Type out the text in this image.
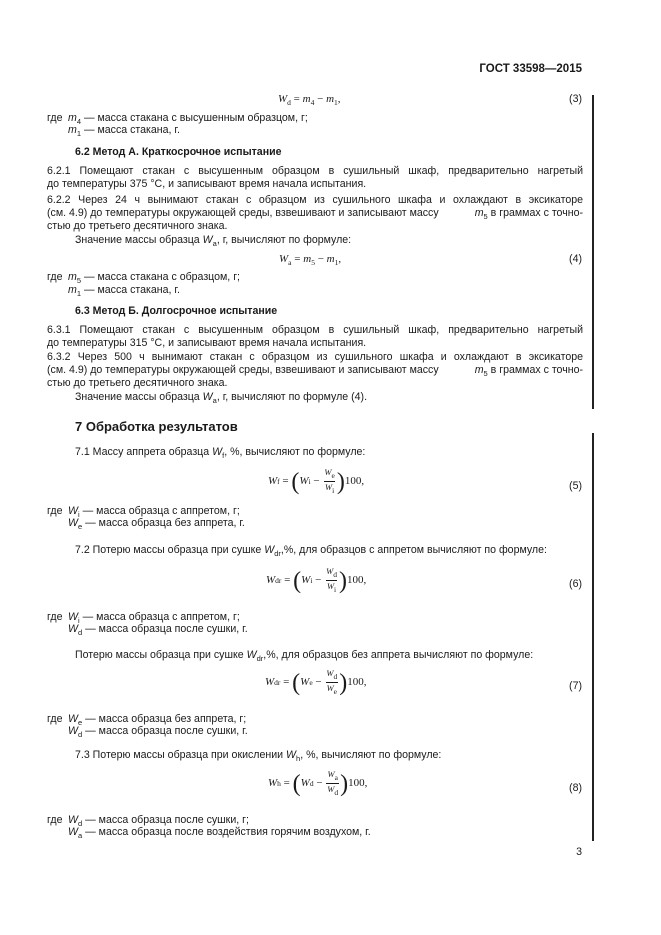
ГОСТ 33598—2015
$W_d = m_4 - m_1$,	(3)
где $m_4$ — масса стакана с высушенным образцом, г;
$m_1$ — масса стакана, г.
6.2 Метод А. Краткосрочное испытание
6.2.1 Помещают стакан с высушенным образцом в сушильный шкаф, предварительно нагретый
до температуры 375 °С, и записывают время начала испытания.
6.2.2 Через 24 ч вынимают стакан с образцом из сушильного шкафа и охлаждают в эксикаторе
(см. 4.9) до температуры окружающей среды, взвешивают и записывают массу	$m_5$ в граммах с точно-
стью до третьего десятичного знака.
Значение массы образца $W_a$, г, вычисляют по формуле:
$W_a = m_5 - m_1$,	(4)
где $m_5$ — масса стакана с образцом, г;
$m_1$ — масса стакана, г.
6.3 Метод Б. Долгосрочное испытание
6.3.1 Помещают стакан с высушенным образцом в сушильный шкаф, предварительно нагретый
до температуры 315 °С, и записывают время начала испытания.
6.3.2 Через 500 ч вынимают стакан с образцом из сушильного шкафа и охлаждают в эксикаторе
(см. 4.9) до температуры окружающей среды, взвешивают и записывают массу	$m_5$ в граммах с точно-
стью до третьего десятичного знака.
Значение массы образца $W_a$, г, вычисляют по формуле (4).
7 Обработка результатов
7.1 Массу аппрета образца $W_f$, %, вычисляют по формуле:
W f = ( W $i - \frac{We}{Wi}$ ) 100,	(5)
где $W_i$ — масса образца с аппретом, г;
$W_e$ — масса образца без аппрета, г.
7.2 Потерю массы образца при сушке $W_{dr},\%$, для образцов с аппретом вычисляют по формуле:
W dr = ( W $i - \frac{Wd}{Wi}$ ) 100,	(6)
где $W_i$ — масса образца с аппретом, г;
$W_d$ — масса образца после сушки, г.
Потерю массы образца при сушке $W_{dr},\%$, для образцов без аппрета вычисляют по формуле:
W dr = ( W $e - \frac{Wd}{We}$ ) 100,	(7)
где $W_e$ — масса образца без аппрета, г;
$W_d$ — масса образца после сушки, г.
7.3 Потерю массы образца при окислении $W_h$, %, вычисляют по формуле:
W h = ( W $d - \frac{Wa}{Wd}$ ) 100,	(8)
где $W_d$ — масса образца после сушки, г;
$W_a$ — масса образца после воздействия горячим воздухом, г.
3
